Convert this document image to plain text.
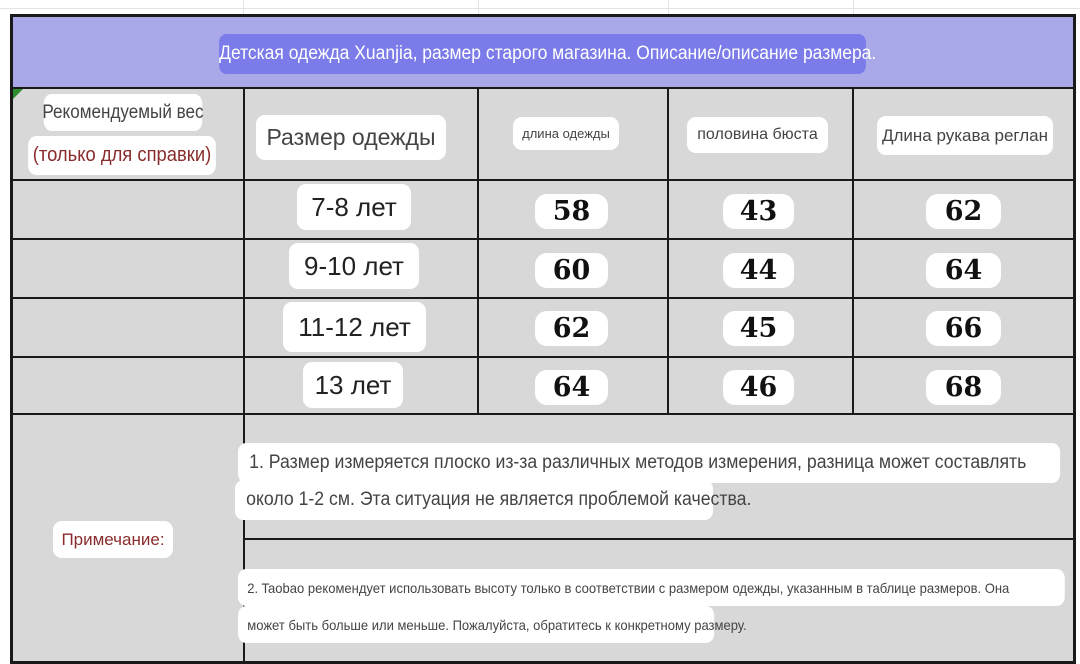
Детская одежда Xuanjia, размер старого магазина. Описание/описание размера.
Рекомендуемый вес
(только для справки)
Размер одежды	длина одежды	половина бюста	Длина рукава реглан
7-8 лет	58	43	62
9-10 лет	60	44	64
11-12 лет	62	45	66
13 лет	64	46	68
Примечание:
1. Размер измеряется плоско из-за различных методов измерения, разница может составлять
около 1-2 см. Эта ситуация не является проблемой качества.
2. Taobao рекомендует использовать высоту только в соответствии с размером одежды, указанным в таблице размеров. Она
может быть больше или меньше. Пожалуйста, обратитесь к конкретному размеру.
